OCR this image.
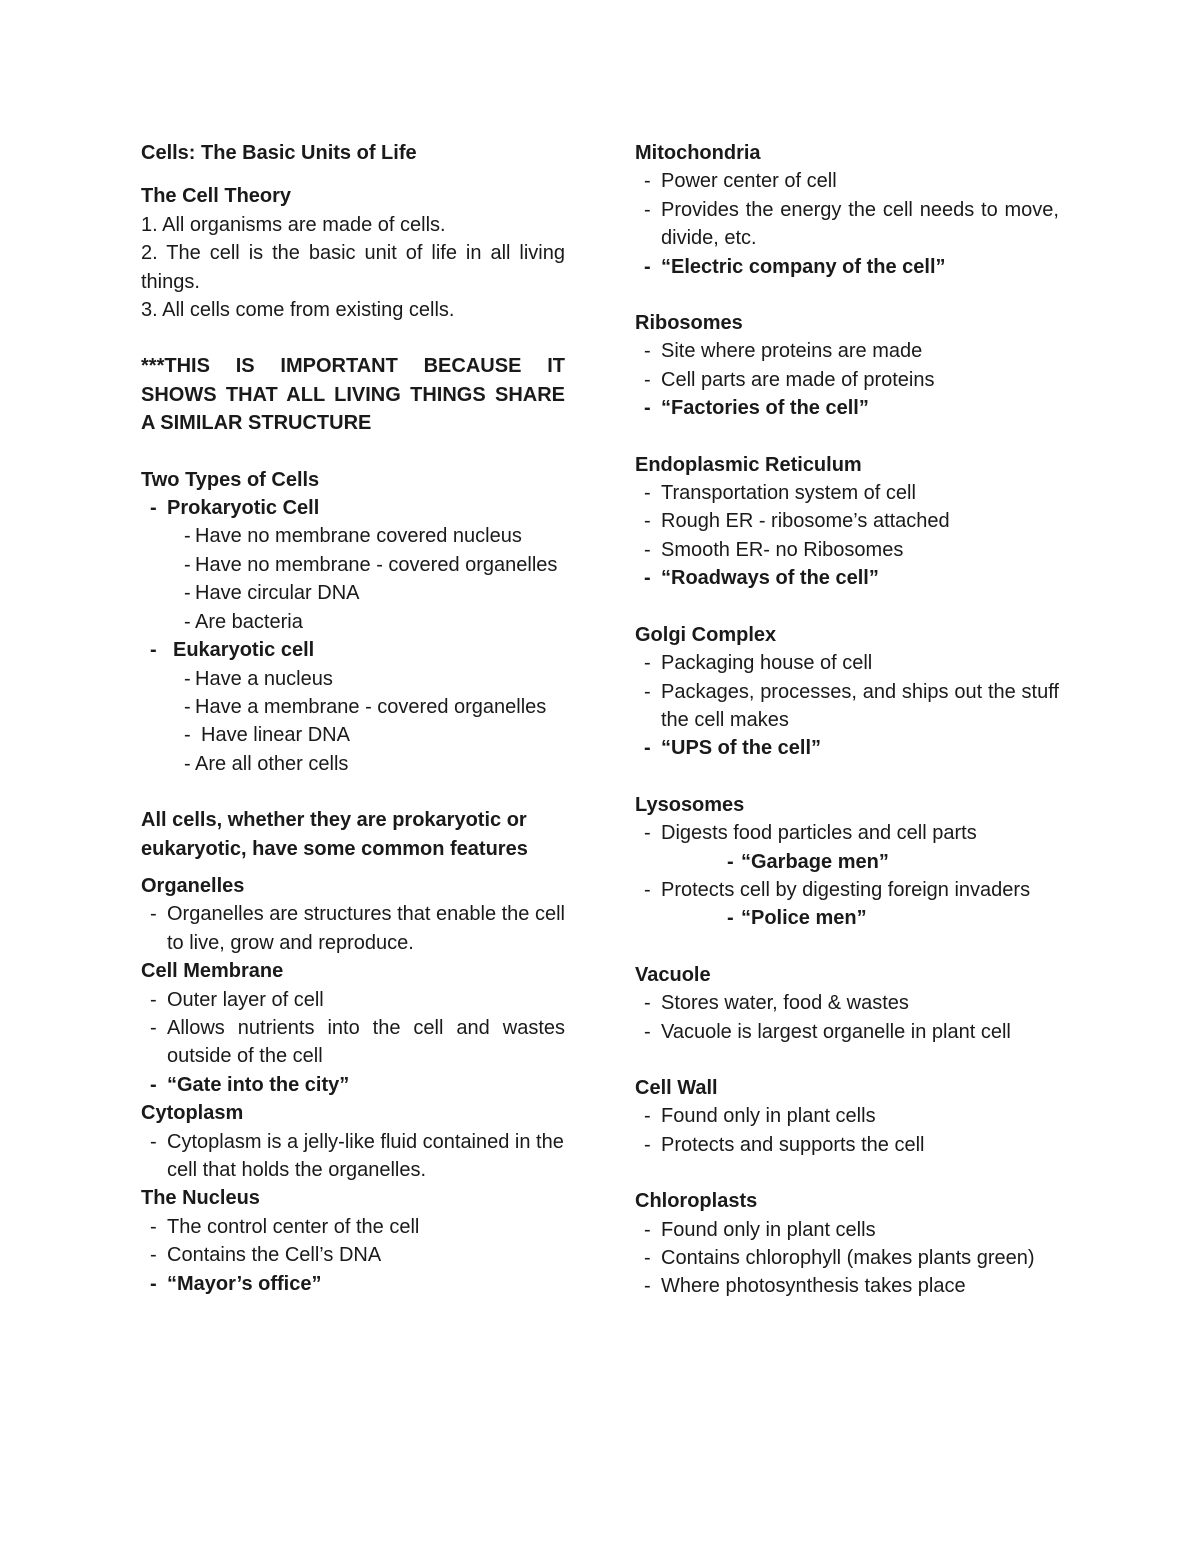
Cells: The Basic Units of Life
The Cell Theory
1. All organisms are made of cells.
2. The cell is the basic unit of life in all living things.
3. All cells come from existing cells.
***THIS IS IMPORTANT BECAUSE IT SHOWS THAT ALL LIVING THINGS SHARE A SIMILAR STRUCTURE
Two Types of Cells
- Prokaryotic Cell
- Have no membrane covered nucleus
- Have no membrane - covered organelles
- Have circular DNA
- Are bacteria
- Eukaryotic cell
- Have a nucleus
- Have a membrane - covered organelles
- Have linear DNA
- Are all other cells
All cells, whether they are prokaryotic or eukaryotic, have some common features
Organelles
- Organelles are structures that enable the cell to live, grow and reproduce.
Cell Membrane
- Outer layer of cell
- Allows nutrients into the cell and wastes outside of the cell
- “Gate into the city”
Cytoplasm
- Cytoplasm is a jelly-like fluid contained in the cell that holds the organelles.
The Nucleus
- The control center of the cell
- Contains the Cell’s DNA
- “Mayor’s office”
Mitochondria
- Power center of cell
- Provides the energy the cell needs to move, divide, etc.
- “Electric company of the cell”
Ribosomes
- Site where proteins are made
- Cell parts are made of proteins
- “Factories of the cell”
Endoplasmic Reticulum
- Transportation system of cell
- Rough ER - ribosome’s attached
- Smooth ER- no Ribosomes
- “Roadways of the cell”
Golgi Complex
- Packaging house of cell
- Packages, processes, and ships out the stuff the cell makes
- “UPS of the cell”
Lysosomes
- Digests food particles and cell parts
- “Garbage men”
- Protects cell by digesting foreign invaders
- “Police men”
Vacuole
- Stores water, food & wastes
- Vacuole is largest organelle in plant cell
Cell Wall
- Found only in plant cells
- Protects and supports the cell
Chloroplasts
- Found only in plant cells
- Contains chlorophyll (makes plants green)
- Where photosynthesis takes place
